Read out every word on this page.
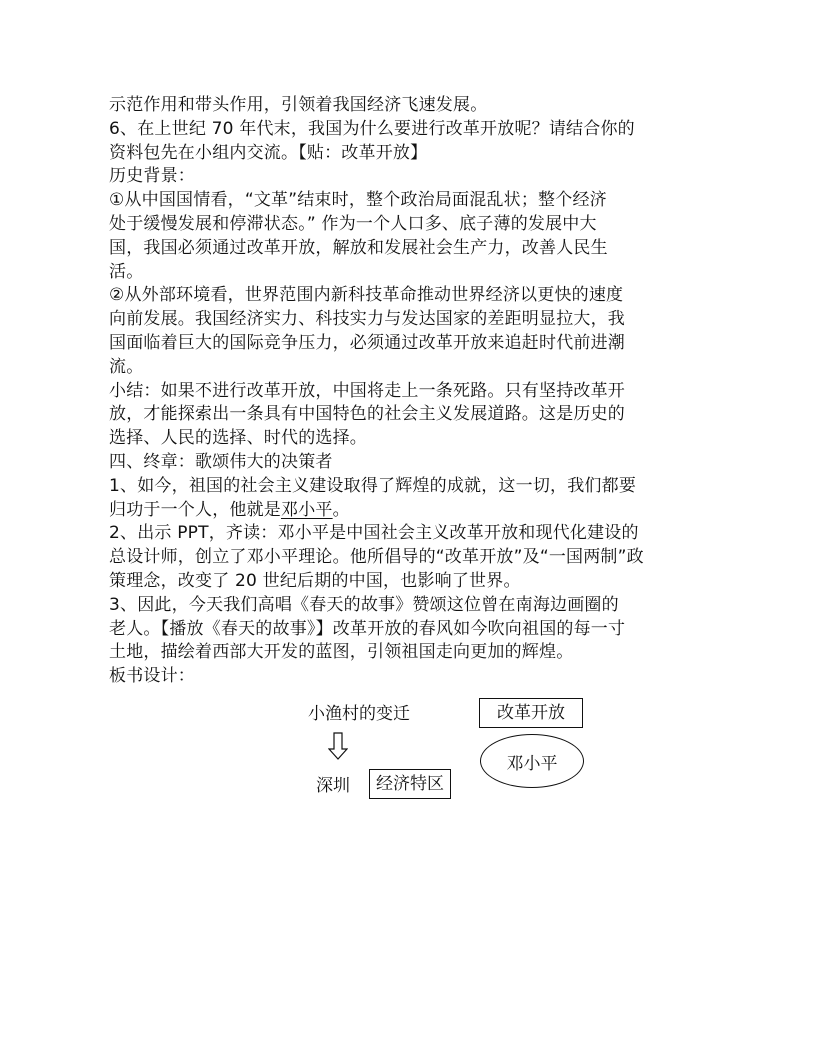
示范作用和带头作用，引领着我国经济飞速发展。
6、在上世纪 70 年代末，我国为什么要进行改革开放呢？请结合你的
资料包先在小组内交流。【贴：改革开放】
历史背景：
①从中国国情看，“文革”结束时，整个政治局面混乱状；整个经济
处于缓慢发展和停滞状态。” 作为一个人口多、底子薄的发展中大
国，我国必须通过改革开放，解放和发展社会生产力，改善人民生
活。
②从外部环境看，世界范围内新科技革命推动世界经济以更快的速度
向前发展。我国经济实力、科技实力与发达国家的差距明显拉大，我
国面临着巨大的国际竞争压力，必须通过改革开放来追赶时代前进潮
流。
小结：如果不进行改革开放，中国将走上一条死路。只有坚持改革开
放，才能探索出一条具有中国特色的社会主义发展道路。这是历史的
选择、人民的选择、时代的选择。
四、终章：歌颂伟大的决策者
1、如今，祖国的社会主义建设取得了辉煌的成就，这一切，我们都要
归功于一个人，他就是邓小平。
2、出示 PPT，齐读：邓小平是中国社会主义改革开放和现代化建设的
总设计师，创立了邓小平理论。他所倡导的“改革开放”及“一国两制”政
策理念，改变了 20 世纪后期的中国，也影响了世界。
3、因此，今天我们高唱《春天的故事》赞颂这位曾在南海边画圈的
老人。【播放《春天的故事》】改革开放的春风如今吹向祖国的每一寸
土地，描绘着西部大开发的蓝图，引领祖国走向更加的辉煌。
板书设计：
小渔村的变迁	改革开放
邓小平
深圳	经济特区
